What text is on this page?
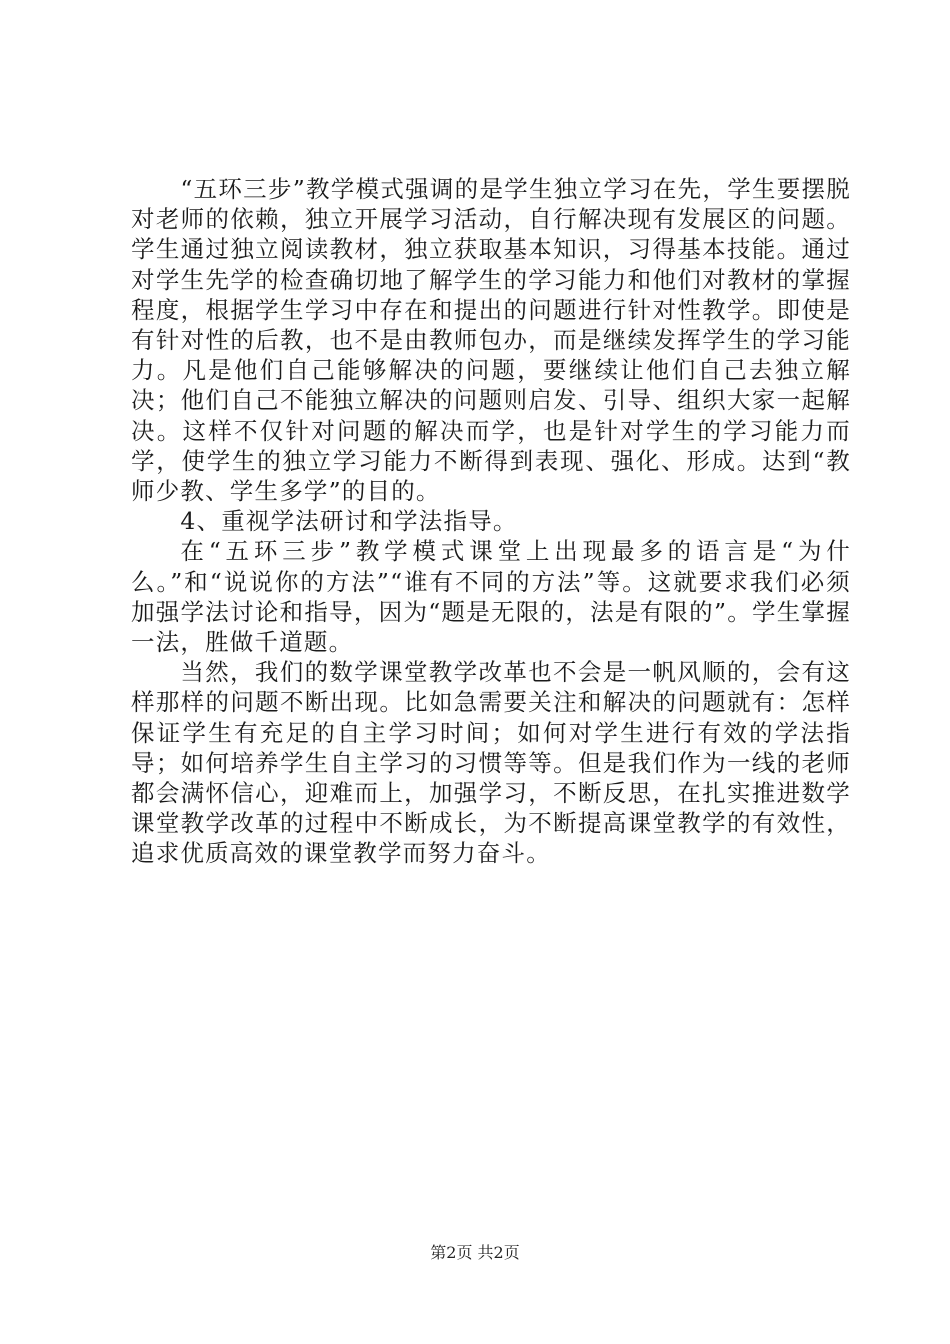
“五环三步”教学模式强调的是学生独立学习在先，学生要摆脱对老师的依赖，独立开展学习活动，自行解决现有发展区的问题。学生通过独立阅读教材，独立获取基本知识，习得基本技能。通过对学生先学的检查确切地了解学生的学习能力和他们对教材的掌握程度，根据学生学习中存在和提出的问题进行针对性教学。即使是有针对性的后教，也不是由教师包办，而是继续发挥学生的学习能力。凡是他们自己能够解决的问题，要继续让他们自己去独立解决；他们自己不能独立解决的问题则启发、引导、组织大家一起解决。这样不仅针对问题的解决而学，也是针对学生的学习能力而学，使学生的独立学习能力不断得到表现、强化、形成。达到“教师少教、学生多学”的目的。

4、重视学法研讨和学法指导。

在“五环三步”教学模式课堂上出现最多的语言是“为什么。”和“说说你的方法”“谁有不同的方法”等。这就要求我们必须加强学法讨论和指导，因为“题是无限的，法是有限的”。学生掌握一法，胜做千道题。

当然，我们的数学课堂教学改革也不会是一帆风顺的，会有这样那样的问题不断出现。比如急需要关注和解决的问题就有：怎样保证学生有充足的自主学习时间；如何对学生进行有效的学法指导；如何培养学生自主学习的习惯等等。但是我们作为一线的老师都会满怀信心，迎难而上，加强学习，不断反思，在扎实推进数学课堂教学改革的过程中不断成长，为不断提高课堂教学的有效性，追求优质高效的课堂教学而努力奋斗。

第2页 共2页
